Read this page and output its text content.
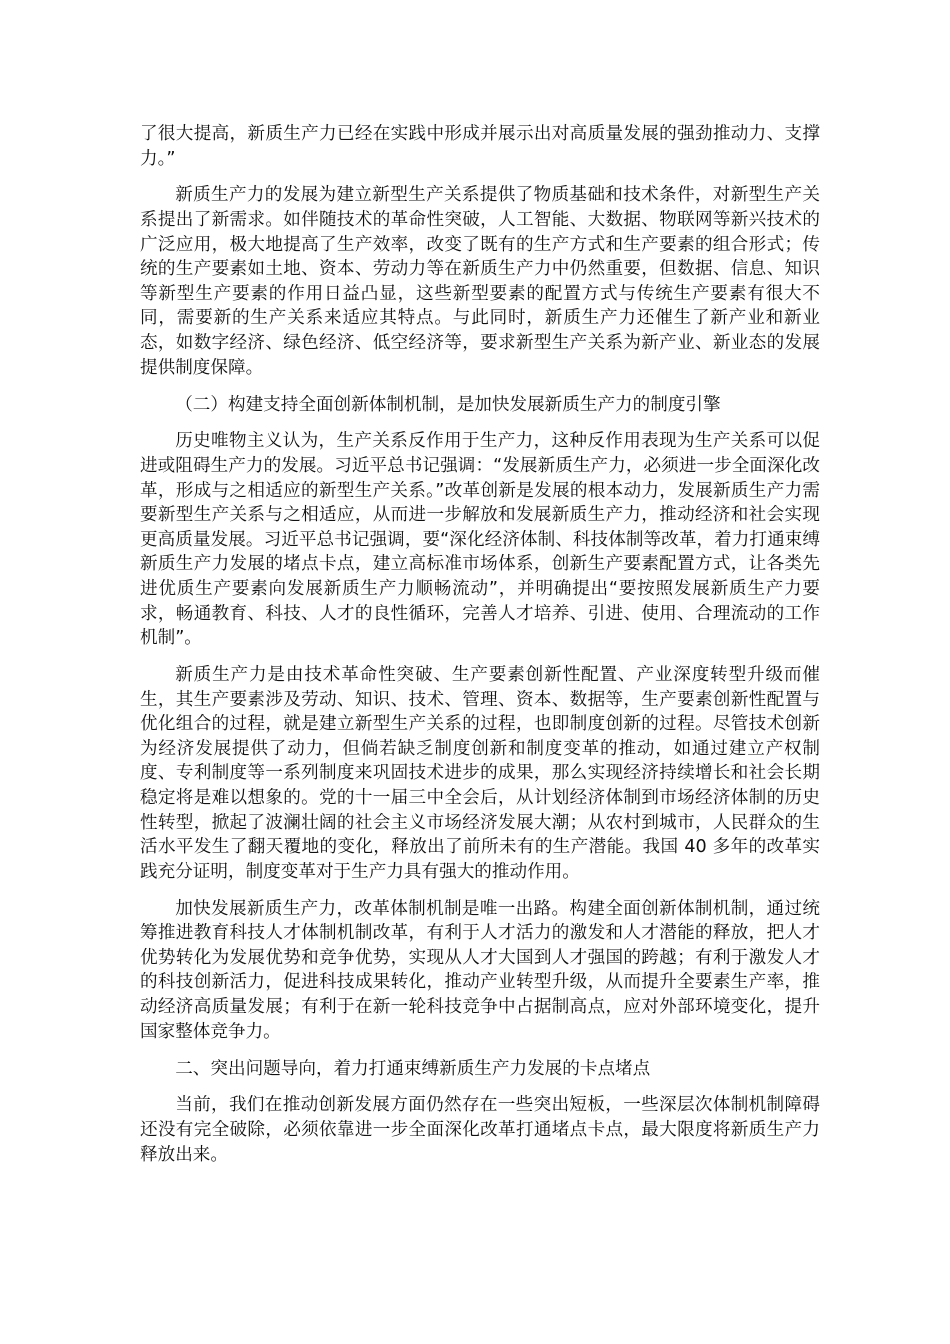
了很大提高，新质生产力已经在实践中形成并展示出对高质量发展的强劲推动力、支撑力。”

新质生产力的发展为建立新型生产关系提供了物质基础和技术条件，对新型生产关系提出了新需求。如伴随技术的革命性突破，人工智能、大数据、物联网等新兴技术的广泛应用，极大地提高了生产效率，改变了既有的生产方式和生产要素的组合形式；传统的生产要素如土地、资本、劳动力等在新质生产力中仍然重要，但数据、信息、知识等新型生产要素的作用日益凸显，这些新型要素的配置方式与传统生产要素有很大不同，需要新的生产关系来适应其特点。与此同时，新质生产力还催生了新产业和新业态，如数字经济、绿色经济、低空经济等，要求新型生产关系为新产业、新业态的发展提供制度保障。

（二）构建支持全面创新体制机制，是加快发展新质生产力的制度引擎

历史唯物主义认为，生产关系反作用于生产力，这种反作用表现为生产关系可以促进或阻碍生产力的发展。习近平总书记强调：“发展新质生产力，必须进一步全面深化改革，形成与之相适应的新型生产关系。”改革创新是发展的根本动力，发展新质生产力需要新型生产关系与之相适应，从而进一步解放和发展新质生产力，推动经济和社会实现更高质量发展。习近平总书记强调，要“深化经济体制、科技体制等改革，着力打通束缚新质生产力发展的堵点卡点，建立高标准市场体系，创新生产要素配置方式，让各类先进优质生产要素向发展新质生产力顺畅流动”，并明确提出“要按照发展新质生产力要求，畅通教育、科技、人才的良性循环，完善人才培养、引进、使用、合理流动的工作机制”。

新质生产力是由技术革命性突破、生产要素创新性配置、产业深度转型升级而催生，其生产要素涉及劳动、知识、技术、管理、资本、数据等，生产要素创新性配置与优化组合的过程，就是建立新型生产关系的过程，也即制度创新的过程。尽管技术创新为经济发展提供了动力，但倘若缺乏制度创新和制度变革的推动，如通过建立产权制度、专利制度等一系列制度来巩固技术进步的成果，那么实现经济持续增长和社会长期稳定将是难以想象的。党的十一届三中全会后，从计划经济体制到市场经济体制的历史性转型，掀起了波澜壮阔的社会主义市场经济发展大潮；从农村到城市，人民群众的生活水平发生了翻天覆地的变化，释放出了前所未有的生产潜能。我国 40 多年的改革实践充分证明，制度变革对于生产力具有强大的推动作用。

加快发展新质生产力，改革体制机制是唯一出路。构建全面创新体制机制，通过统筹推进教育科技人才体制机制改革，有利于人才活力的激发和人才潜能的释放，把人才优势转化为发展优势和竞争优势，实现从人才大国到人才强国的跨越；有利于激发人才的科技创新活力，促进科技成果转化，推动产业转型升级，从而提升全要素生产率，推动经济高质量发展；有利于在新一轮科技竞争中占据制高点，应对外部环境变化，提升国家整体竞争力。

二、突出问题导向，着力打通束缚新质生产力发展的卡点堵点

当前，我们在推动创新发展方面仍然存在一些突出短板，一些深层次体制机制障碍还没有完全破除，必须依靠进一步全面深化改革打通堵点卡点，最大限度将新质生产力释放出来。
